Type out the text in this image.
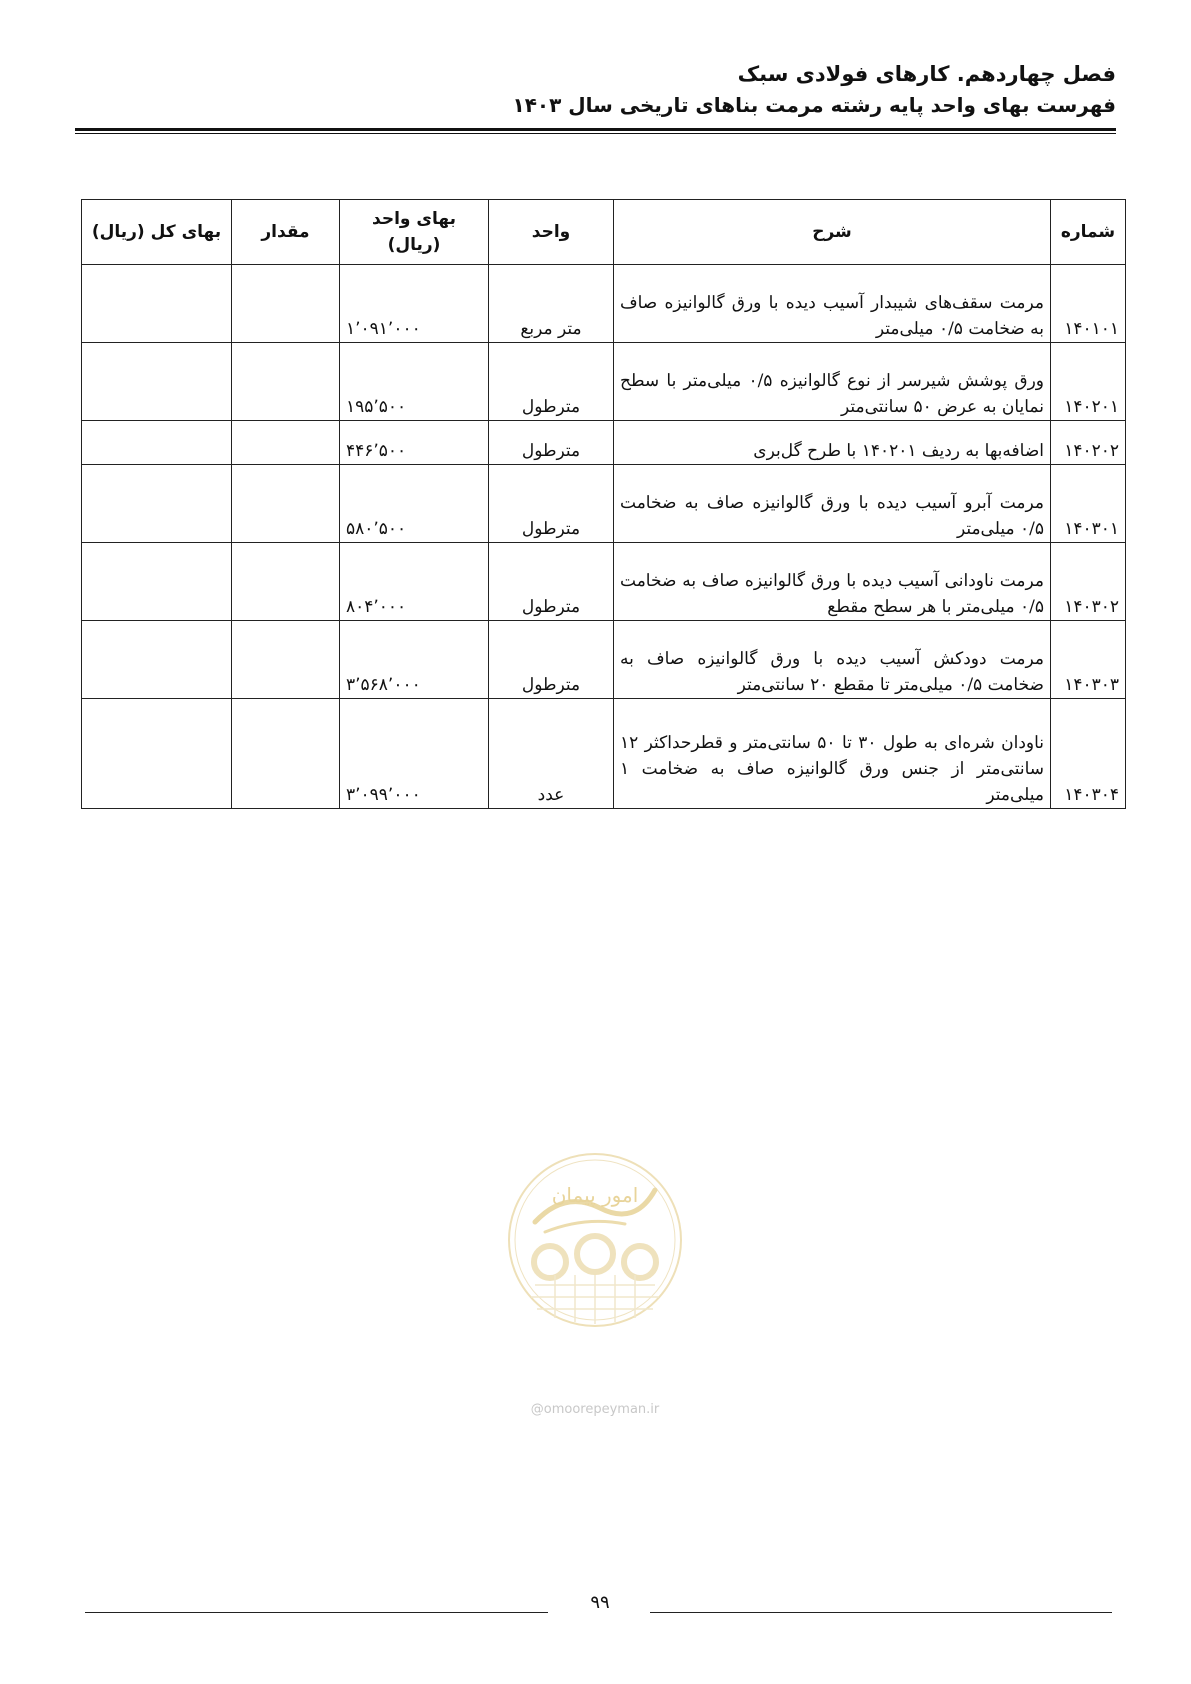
فصل چهاردهم. کارهای فولادی سبک
فهرست بهای واحد پایه رشته مرمت بناهای تاریخی سال ۱۴۰۳
شماره	شرح	واحد	بهای واحد (ریال)	مقدار	بهای کل (ریال)
۱۴۰۱۰۱	مرمت سقف‌های شیبدار آسیب دیده با ورق گالوانیزه صاف به ضخامت ۰/۵ میلی‌متر	متر مربع	۱٬۰۹۱٬۰۰۰		
۱۴۰۲۰۱	ورق پوشش شیرسر از نوع گالوانیزه ۰/۵ میلی‌متر با سطح نمایان به عرض ۵۰ سانتی‌متر	مترطول	۱۹۵٬۵۰۰		
۱۴۰۲۰۲	اضافه‌بها به ردیف ۱۴۰۲۰۱ با طرح گل‌بری	مترطول	۴۴۶٬۵۰۰		
۱۴۰۳۰۱	مرمت آبرو آسیب دیده با ورق گالوانیزه صاف به ضخامت ۰/۵ میلی‌متر	مترطول	۵۸۰٬۵۰۰		
۱۴۰۳۰۲	مرمت ناودانی آسیب دیده با ورق گالوانیزه صاف به ضخامت ۰/۵ میلی‌متر با هر سطح مقطع	مترطول	۸۰۴٬۰۰۰		
۱۴۰۳۰۳	مرمت دودکش آسیب دیده با ورق گالوانیزه صاف به ضخامت ۰/۵ میلی‌متر تا مقطع ۲۰ سانتی‌متر	مترطول	۳٬۵۶۸٬۰۰۰		
۱۴۰۳۰۴	ناودان شره‌ای به طول ۳۰ تا ۵۰ سانتی‌متر و قطرحداکثر ۱۲ سانتی‌متر از جنس ورق گالوانیزه صاف به ضخامت ۱ میلی‌متر	عدد	۳٬۰۹۹٬۰۰۰		
امور پیمان
@omoorepeyman.ir
۹۹
